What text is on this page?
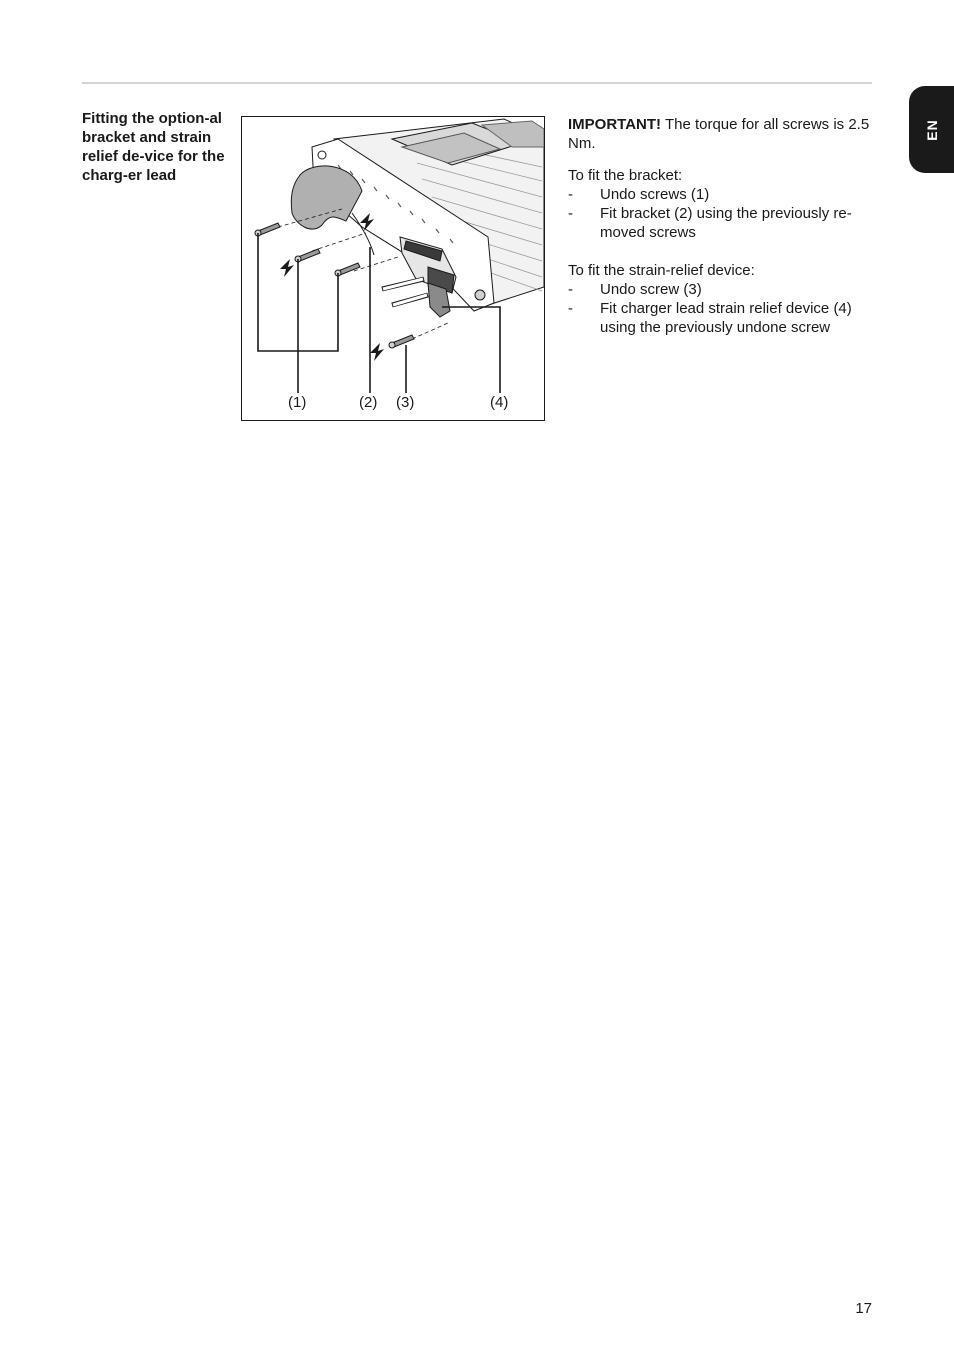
EN
Fitting the option-al bracket and strain relief de-vice for the charg-er lead
(1)	(2) (3)	(4)

IMPORTANT! The torque for all screws is 2.5 Nm.

To fit the bracket:

- Undo screws (1)
- Fit bracket (2) using the previously re-moved screws

To fit the strain-relief device:

- Undo screw (3)
- Fit charger lead strain relief device (4) using the previously undone screw
17
